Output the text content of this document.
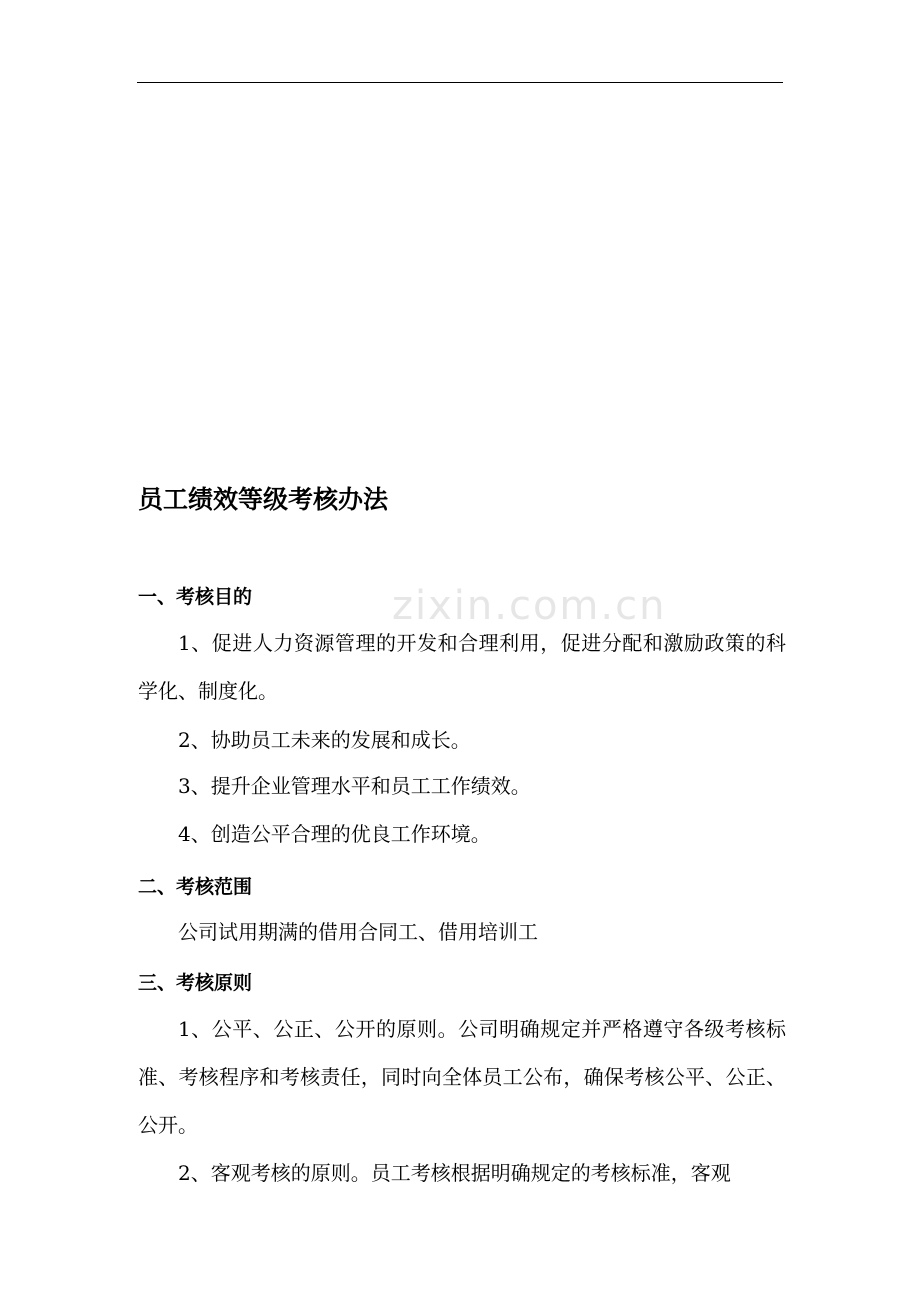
zixin.com.cn
员工绩效等级考核办法
一、考核目的

1、促进人力资源管理的开发和合理利用，促进分配和激励政策的科学化、制度化。

2、协助员工未来的发展和成长。

3、提升企业管理水平和员工工作绩效。

4、创造公平合理的优良工作环境。

二、考核范围

公司试用期满的借用合同工、借用培训工

三、考核原则

1、公平、公正、公开的原则。公司明确规定并严格遵守各级考核标准、考核程序和考核责任，同时向全体员工公布，确保考核公平、公正、公开。

2、客观考核的原则。员工考核根据明确规定的考核标准，客观
